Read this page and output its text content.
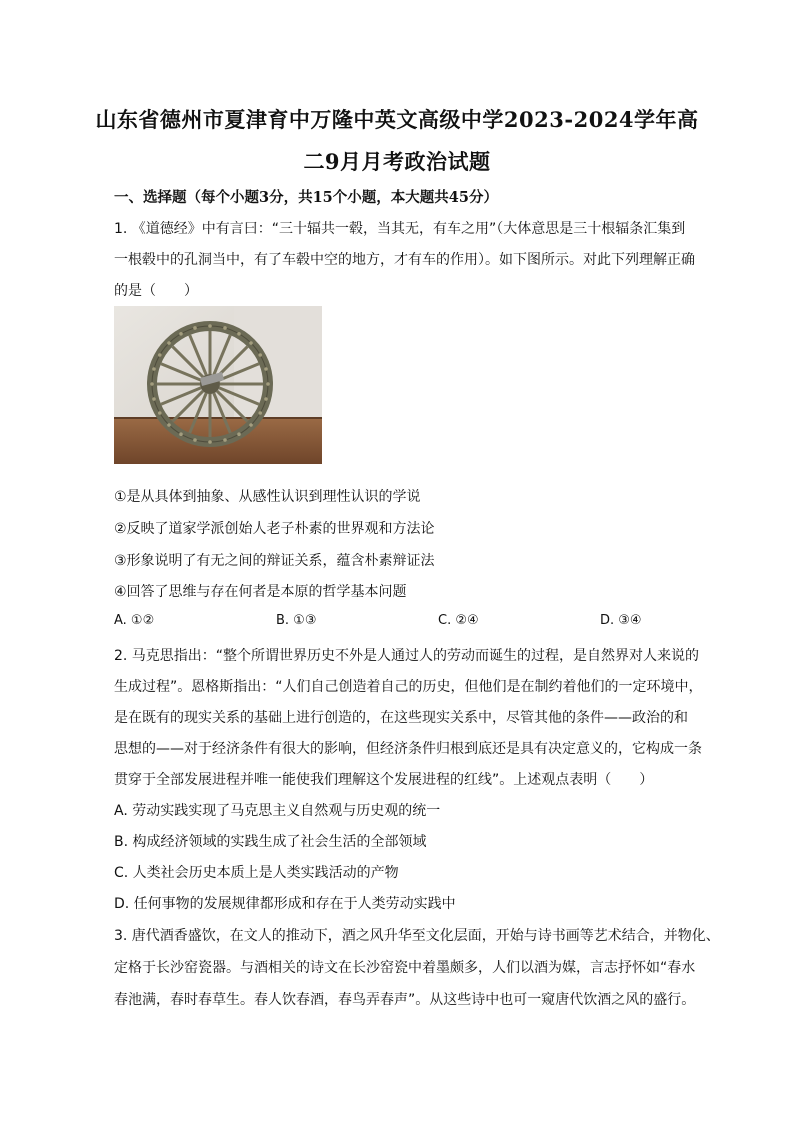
山东省德州市夏津育中万隆中英文高级中学2023-2024学年高
二9月月考政治试题
一、选择题（每个小题3分，共15个小题，本大题共45分）
1. 《道德经》中有言曰：“三十辐共一毂，当其无，有车之用”（大体意思是三十根辐条汇集到
一根毂中的孔洞当中，有了车毂中空的地方，才有车的作用）。如下图所示。对此下列理解正确
的是（　　）
①是从具体到抽象、从感性认识到理性认识的学说
②反映了道家学派创始人老子朴素的世界观和方法论
③形象说明了有无之间的辩证关系，蕴含朴素辩证法
④回答了思维与存在何者是本原的哲学基本问题
A. ①②	B. ①③	C. ②④	D. ③④
2. 马克思指出：“整个所谓世界历史不外是人通过人的劳动而诞生的过程，是自然界对人来说的
生成过程”。恩格斯指出：“人们自己创造着自己的历史，但他们是在制约着他们的一定环境中，
是在既有的现实关系的基础上进行创造的，在这些现实关系中，尽管其他的条件——政治的和
思想的——对于经济条件有很大的影响，但经济条件归根到底还是具有决定意义的，它构成一条
贯穿于全部发展进程并唯一能使我们理解这个发展进程的红线”。上述观点表明（　　）
A. 劳动实践实现了马克思主义自然观与历史观的统一
B. 构成经济领域的实践生成了社会生活的全部领域
C. 人类社会历史本质上是人类实践活动的产物
D. 任何事物的发展规律都形成和存在于人类劳动实践中
3. 唐代酒香盛饮，在文人的推动下，酒之风升华至文化层面，开始与诗书画等艺术结合，并物化、
定格于长沙窑瓷器。与酒相关的诗文在长沙窑瓷中着墨颇多，人们以酒为媒，言志抒怀如“春水
春池满，春时春草生。春人饮春酒，春鸟弄春声”。从这些诗中也可一窥唐代饮酒之风的盛行。
